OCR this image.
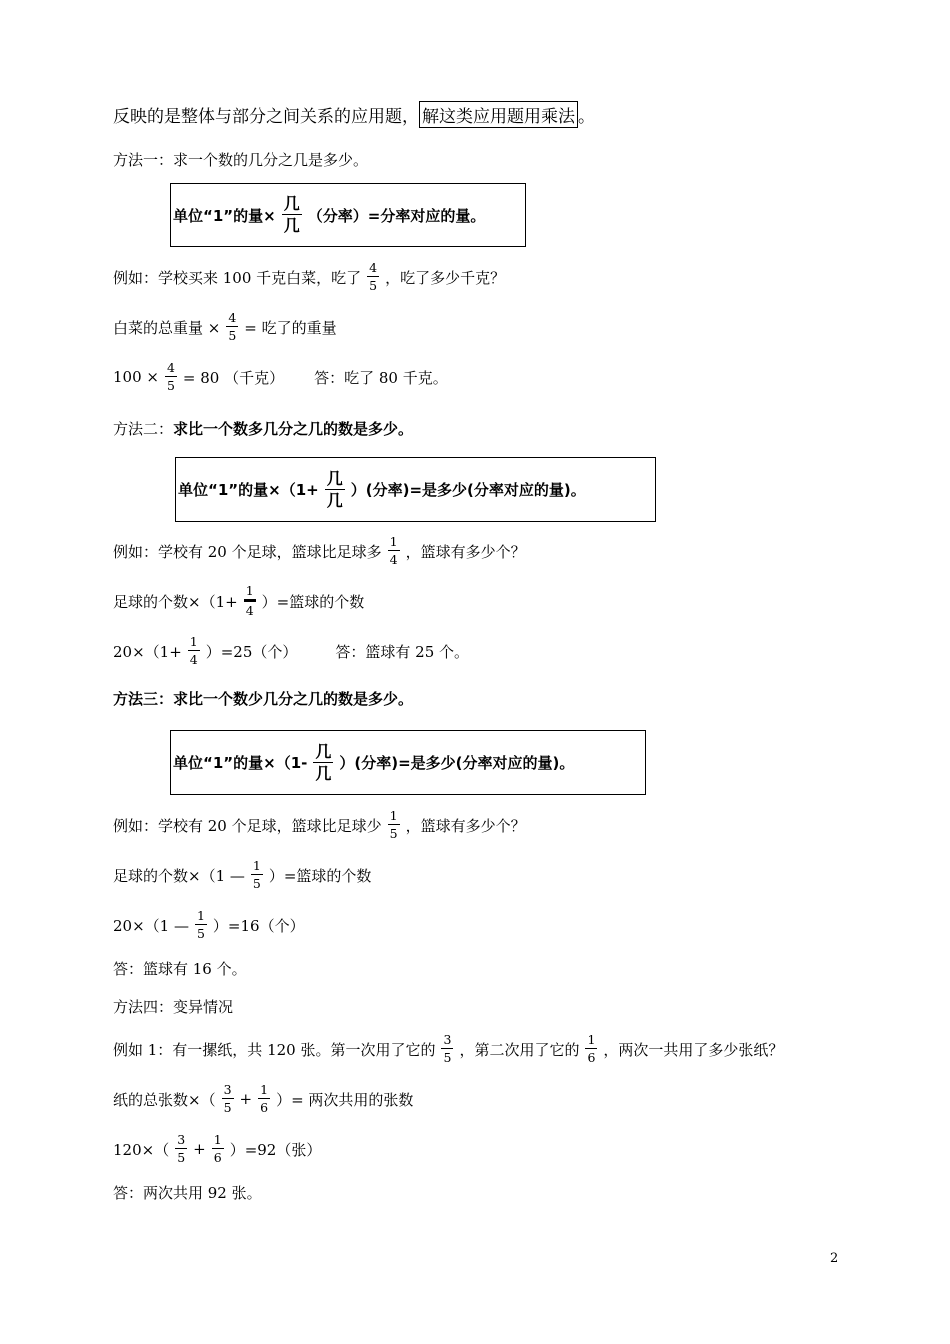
反映的是整体与部分之间关系的应用题， 解这类应用题用乘法 。
方法一：求一个数的几分之几是多少。
单位“1”的量× $\frac{\text{几}}{\text{几}}$ （分率）=分率对应的量。
例如：学校买来 100 千克白菜，吃了 $\frac{4}{5}$ ，吃了多少千克？
白菜的总重量 × $\frac{4}{5}$ = 吃了的重量
$100 \times \frac{4}{5} = 80$ （千克） 答：吃了 80 千克。
方法二： 求比一个数多几分之几的数是多少。
单位“1”的量$\times(1+ \frac{\text{几}}{\text{几}}$ ）(分率)=是多少(分率对应的量)。
例如：学校有 20 个足球，篮球比足球多 $\frac{1}{4}$ ，篮球有多少个？
足球的个数$\times(1+ \frac{1}{4}$ ）=篮球的个数
$20\times(1+ \frac{1}{4} )=25$（个）	答：篮球有 25 个。
方法三：求比一个数少几分之几的数是多少。
单位“1”的量$\times(1- \frac{\text{几}}{\text{几}}$ ）(分率)=是多少(分率对应的量)。
例如：学校有 20 个足球，篮球比足球少 $\frac{1}{5}$ ，篮球有多少个？
足球的个数×（1 — $\frac{1}{5}$ ）=篮球的个数
20×（1 — $\frac{1}{5} )=16$（个）
答：篮球有 16 个。
方法四：变异情况
例如 1：有一摞纸，共 120 张。第一次用了它的 $\frac{3}{5}$ ，第二次用了它的 $\frac{1}{6}$ ，两次一共用了多少张纸？
纸的总张数×（ $\frac{3}{5} + \frac{1}{6}$ ）= 两次共用的张数
$120\times( \frac{3}{5} + \frac{1}{6} )=92$（张）
答：两次共用 92 张。
2
